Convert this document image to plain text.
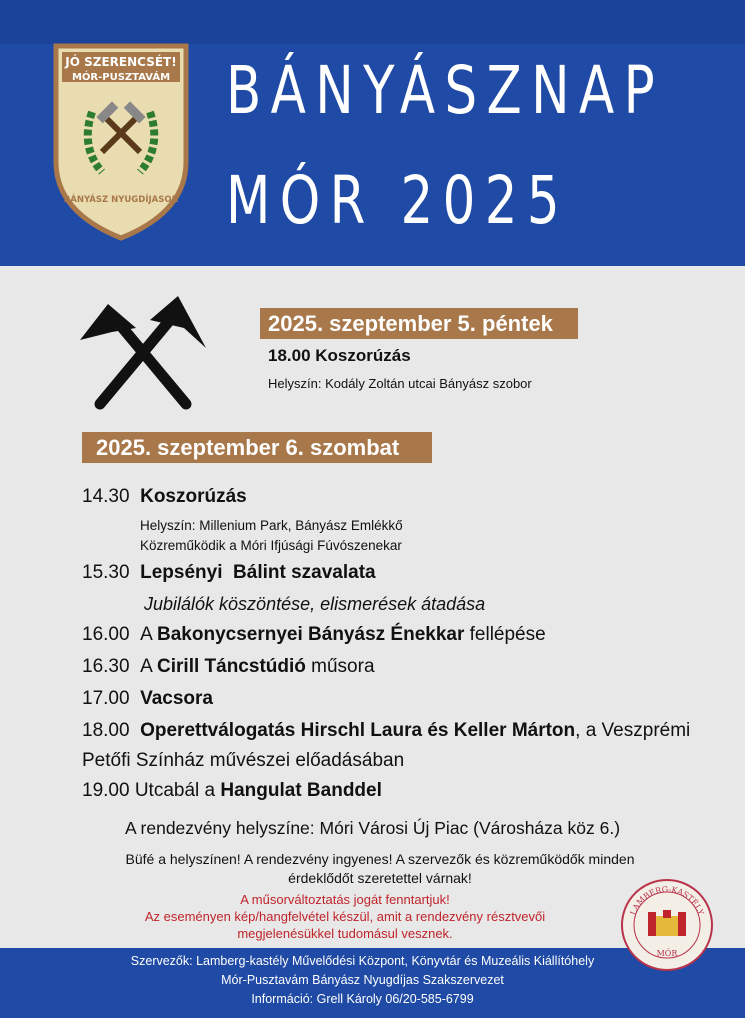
BÁNYÁSZNAP
MÓR 2025
JÓ SZERENCSÉT!
MÓR-PUSZTAVÁM
BÁNYÁSZ NYUGDÍJASOK
2025. szeptember 5. péntek
18.00 Koszorúzás
Helyszín: Kodály Zoltán utcai Bányász szobor
2025. szeptember 6. szombat
14.30 Koszorúzás
Helyszín: Millenium Park, Bányász Emlékkő
Közreműködik a Móri Ifjúsági Fúvószenekar
15.30 Lepsényi  Bálint szavalata
Jubilálók köszöntése, elismerések átadása
16.00 A Bakonycsernyei Bányász Énekkar fellépése
16.30 A Cirill Táncstúdió műsora
17.00 Vacsora
18.00 Operettválogatás Hirschl Laura és Keller Márton, a Veszprémi
Petőfi Színház művészei előadásában
19.00 Utcabál a Hangulat Banddel
A rendezvény helyszíne: Móri Városi Új Piac (Városháza köz 6.)
Büfé a helyszínen! A rendezvény ingyenes! A szervezők és közreműködők minden
érdeklődőt szeretettel várnak!
A műsorváltoztatás jogát fenntartjuk!
Az eseményen kép/hangfelvétel készül, amit a rendezvény résztvevői
megjelenésükkel tudomásul vesznek.
Szervezők: Lamberg-kastély Művelődési Központ, Könyvtár és Muzeális Kiállítóhely
Mór-Pusztavám Bányász Nyugdíjas Szakszervezet
Információ: Grell Károly 06/20-585-6799
LAMBERG-KASTÉLY
MÓR
